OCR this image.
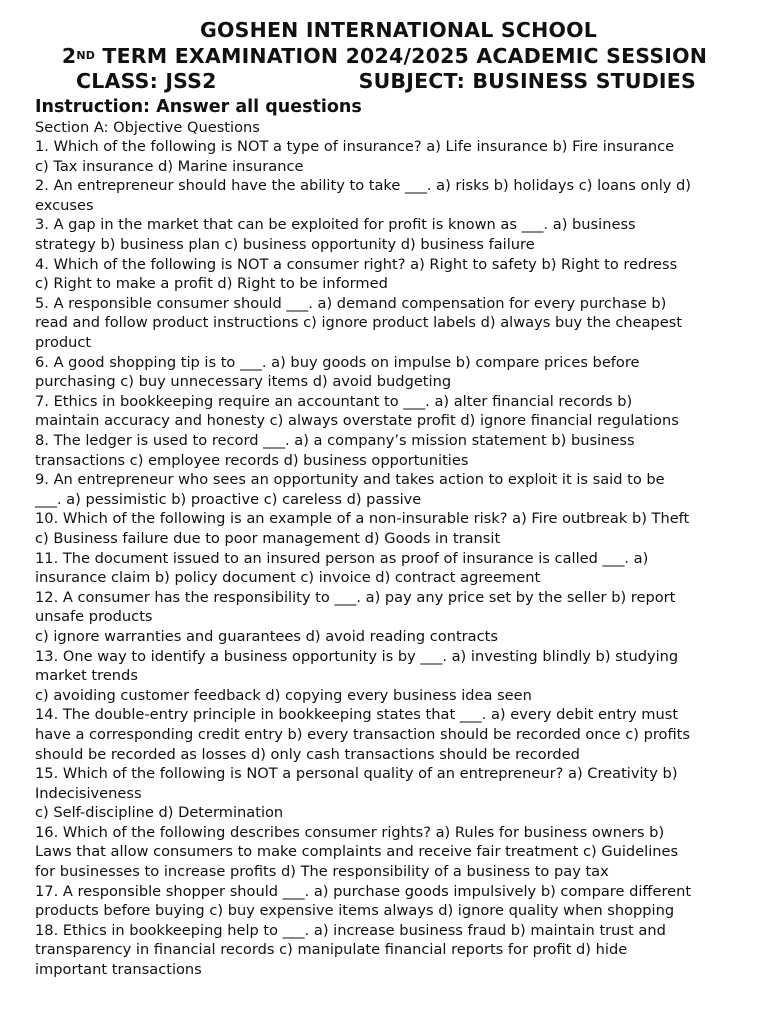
GOSHEN INTERNATIONAL SCHOOL
2ND TERM EXAMINATION 2024/2025 ACADEMIC SESSION
CLASS: JSS2	SUBJECT: BUSINESS STUDIES
Instruction: Answer all questions
Section A: Objective Questions
1. Which of the following is NOT a type of insurance? a) Life insurance b) Fire insurance
c) Tax insurance d) Marine insurance
2. An entrepreneur should have the ability to take ___. a) risks b) holidays c) loans only d)
excuses
3. A gap in the market that can be exploited for profit is known as ___. a) business
strategy b) business plan c) business opportunity d) business failure
4. Which of the following is NOT a consumer right? a) Right to safety b) Right to redress
c) Right to make a profit d) Right to be informed
5. A responsible consumer should ___. a) demand compensation for every purchase b)
read and follow product instructions c) ignore product labels d) always buy the cheapest
product
6. A good shopping tip is to ___. a) buy goods on impulse b) compare prices before
purchasing c) buy unnecessary items d) avoid budgeting
7. Ethics in bookkeeping require an accountant to ___. a) alter financial records b)
maintain accuracy and honesty c) always overstate profit d) ignore financial regulations
8. The ledger is used to record ___. a) a company’s mission statement b) business
transactions c) employee records d) business opportunities
9. An entrepreneur who sees an opportunity and takes action to exploit it is said to be
___. a) pessimistic b) proactive c) careless d) passive
10. Which of the following is an example of a non-insurable risk? a) Fire outbreak b) Theft
c) Business failure due to poor management d) Goods in transit
11. The document issued to an insured person as proof of insurance is called ___. a)
insurance claim b) policy document c) invoice d) contract agreement
12. A consumer has the responsibility to ___. a) pay any price set by the seller b) report
unsafe products
c) ignore warranties and guarantees d) avoid reading contracts
13. One way to identify a business opportunity is by ___. a) investing blindly b) studying
market trends
c) avoiding customer feedback d) copying every business idea seen
14. The double-entry principle in bookkeeping states that ___. a) every debit entry must
have a corresponding credit entry b) every transaction should be recorded once c) profits
should be recorded as losses d) only cash transactions should be recorded
15. Which of the following is NOT a personal quality of an entrepreneur? a) Creativity b)
Indecisiveness
c) Self-discipline d) Determination
16. Which of the following describes consumer rights? a) Rules for business owners b)
Laws that allow consumers to make complaints and receive fair treatment c) Guidelines
for businesses to increase profits d) The responsibility of a business to pay tax
17. A responsible shopper should ___. a) purchase goods impulsively b) compare different
products before buying c) buy expensive items always d) ignore quality when shopping
18. Ethics in bookkeeping help to ___. a) increase business fraud b) maintain trust and
transparency in financial records c) manipulate financial reports for profit d) hide
important transactions
